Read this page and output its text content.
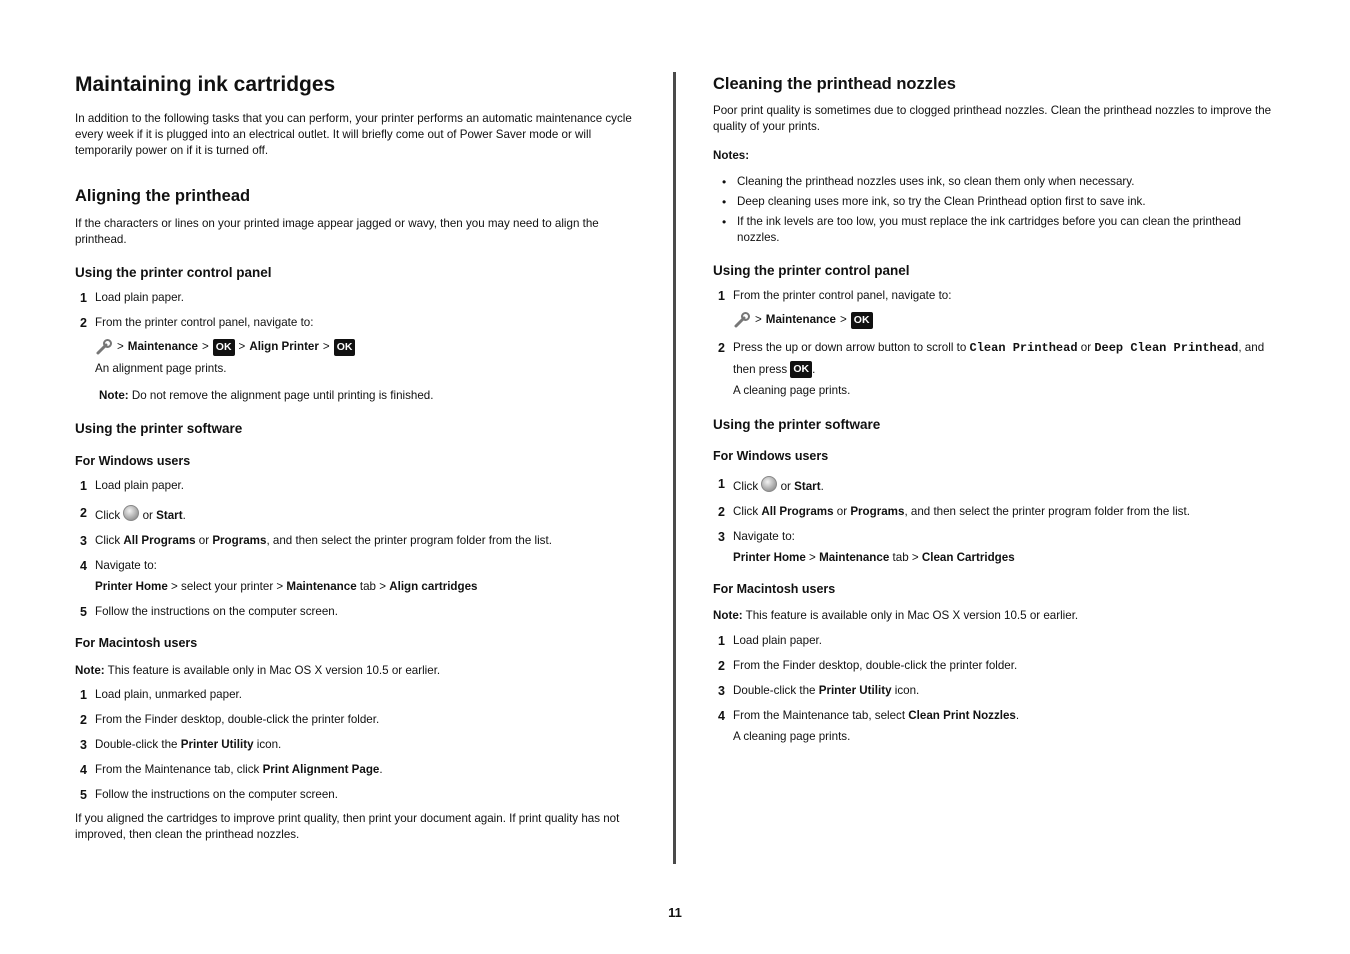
Maintaining ink cartridges

In addition to the following tasks that you can perform, your printer performs an automatic maintenance cycle every week if it is plugged into an electrical outlet. It will briefly come out of Power Saver mode or will temporarily power on if it is turned off.

Aligning the printhead

If the characters or lines on your printed image appear jagged or wavy, then you may need to align the printhead.

Using the printer control panel
1 Load plain paper.
2 From the printer control panel, navigate to:
> Maintenance > OK > Align Printer > OK

An alignment page prints.

Note: Do not remove the alignment page until printing is finished.

Using the printer software
For Windows users
1 Load plain paper.
2 Click or Start.
3 Click All Programs or Programs, and then select the printer program folder from the list.
4 Navigate to:

Printer Home > select your printer > Maintenance tab > Align cartridges

5 Follow the instructions on the computer screen.
For Macintosh users

Note: This feature is available only in Mac OS X version 10.5 or earlier.

1 Load plain, unmarked paper.
2 From the Finder desktop, double-click the printer folder.
3 Double-click the Printer Utility icon.
4 From the Maintenance tab, click Print Alignment Page.
5 Follow the instructions on the computer screen.

If you aligned the cartridges to improve print quality, then print your document again. If print quality has not improved, then clean the printhead nozzles.

Cleaning the printhead nozzles

Poor print quality is sometimes due to clogged printhead nozzles. Clean the printhead nozzles to improve the quality of your prints.

Notes:

• Cleaning the printhead nozzles uses ink, so clean them only when necessary.
• Deep cleaning uses more ink, so try the Clean Printhead option first to save ink.
• If the ink levels are too low, you must replace the ink cartridges before you can clean the printhead nozzles.
Using the printer control panel
1 From the printer control panel, navigate to:
> Maintenance > OK
2 Press the up or down arrow button to scroll to Clean Printhead or Deep Clean Printhead, and then press OK .

A cleaning page prints.

Using the printer software
For Windows users
1 Click or Start.
2 Click All Programs or Programs, and then select the printer program folder from the list.
3 Navigate to:

Printer Home > Maintenance tab > Clean Cartridges

For Macintosh users

Note: This feature is available only in Mac OS X version 10.5 or earlier.

1 Load plain paper.
2 From the Finder desktop, double-click the printer folder.
3 Double-click the Printer Utility icon.
4 From the Maintenance tab, select Clean Print Nozzles.

A cleaning page prints.

11
